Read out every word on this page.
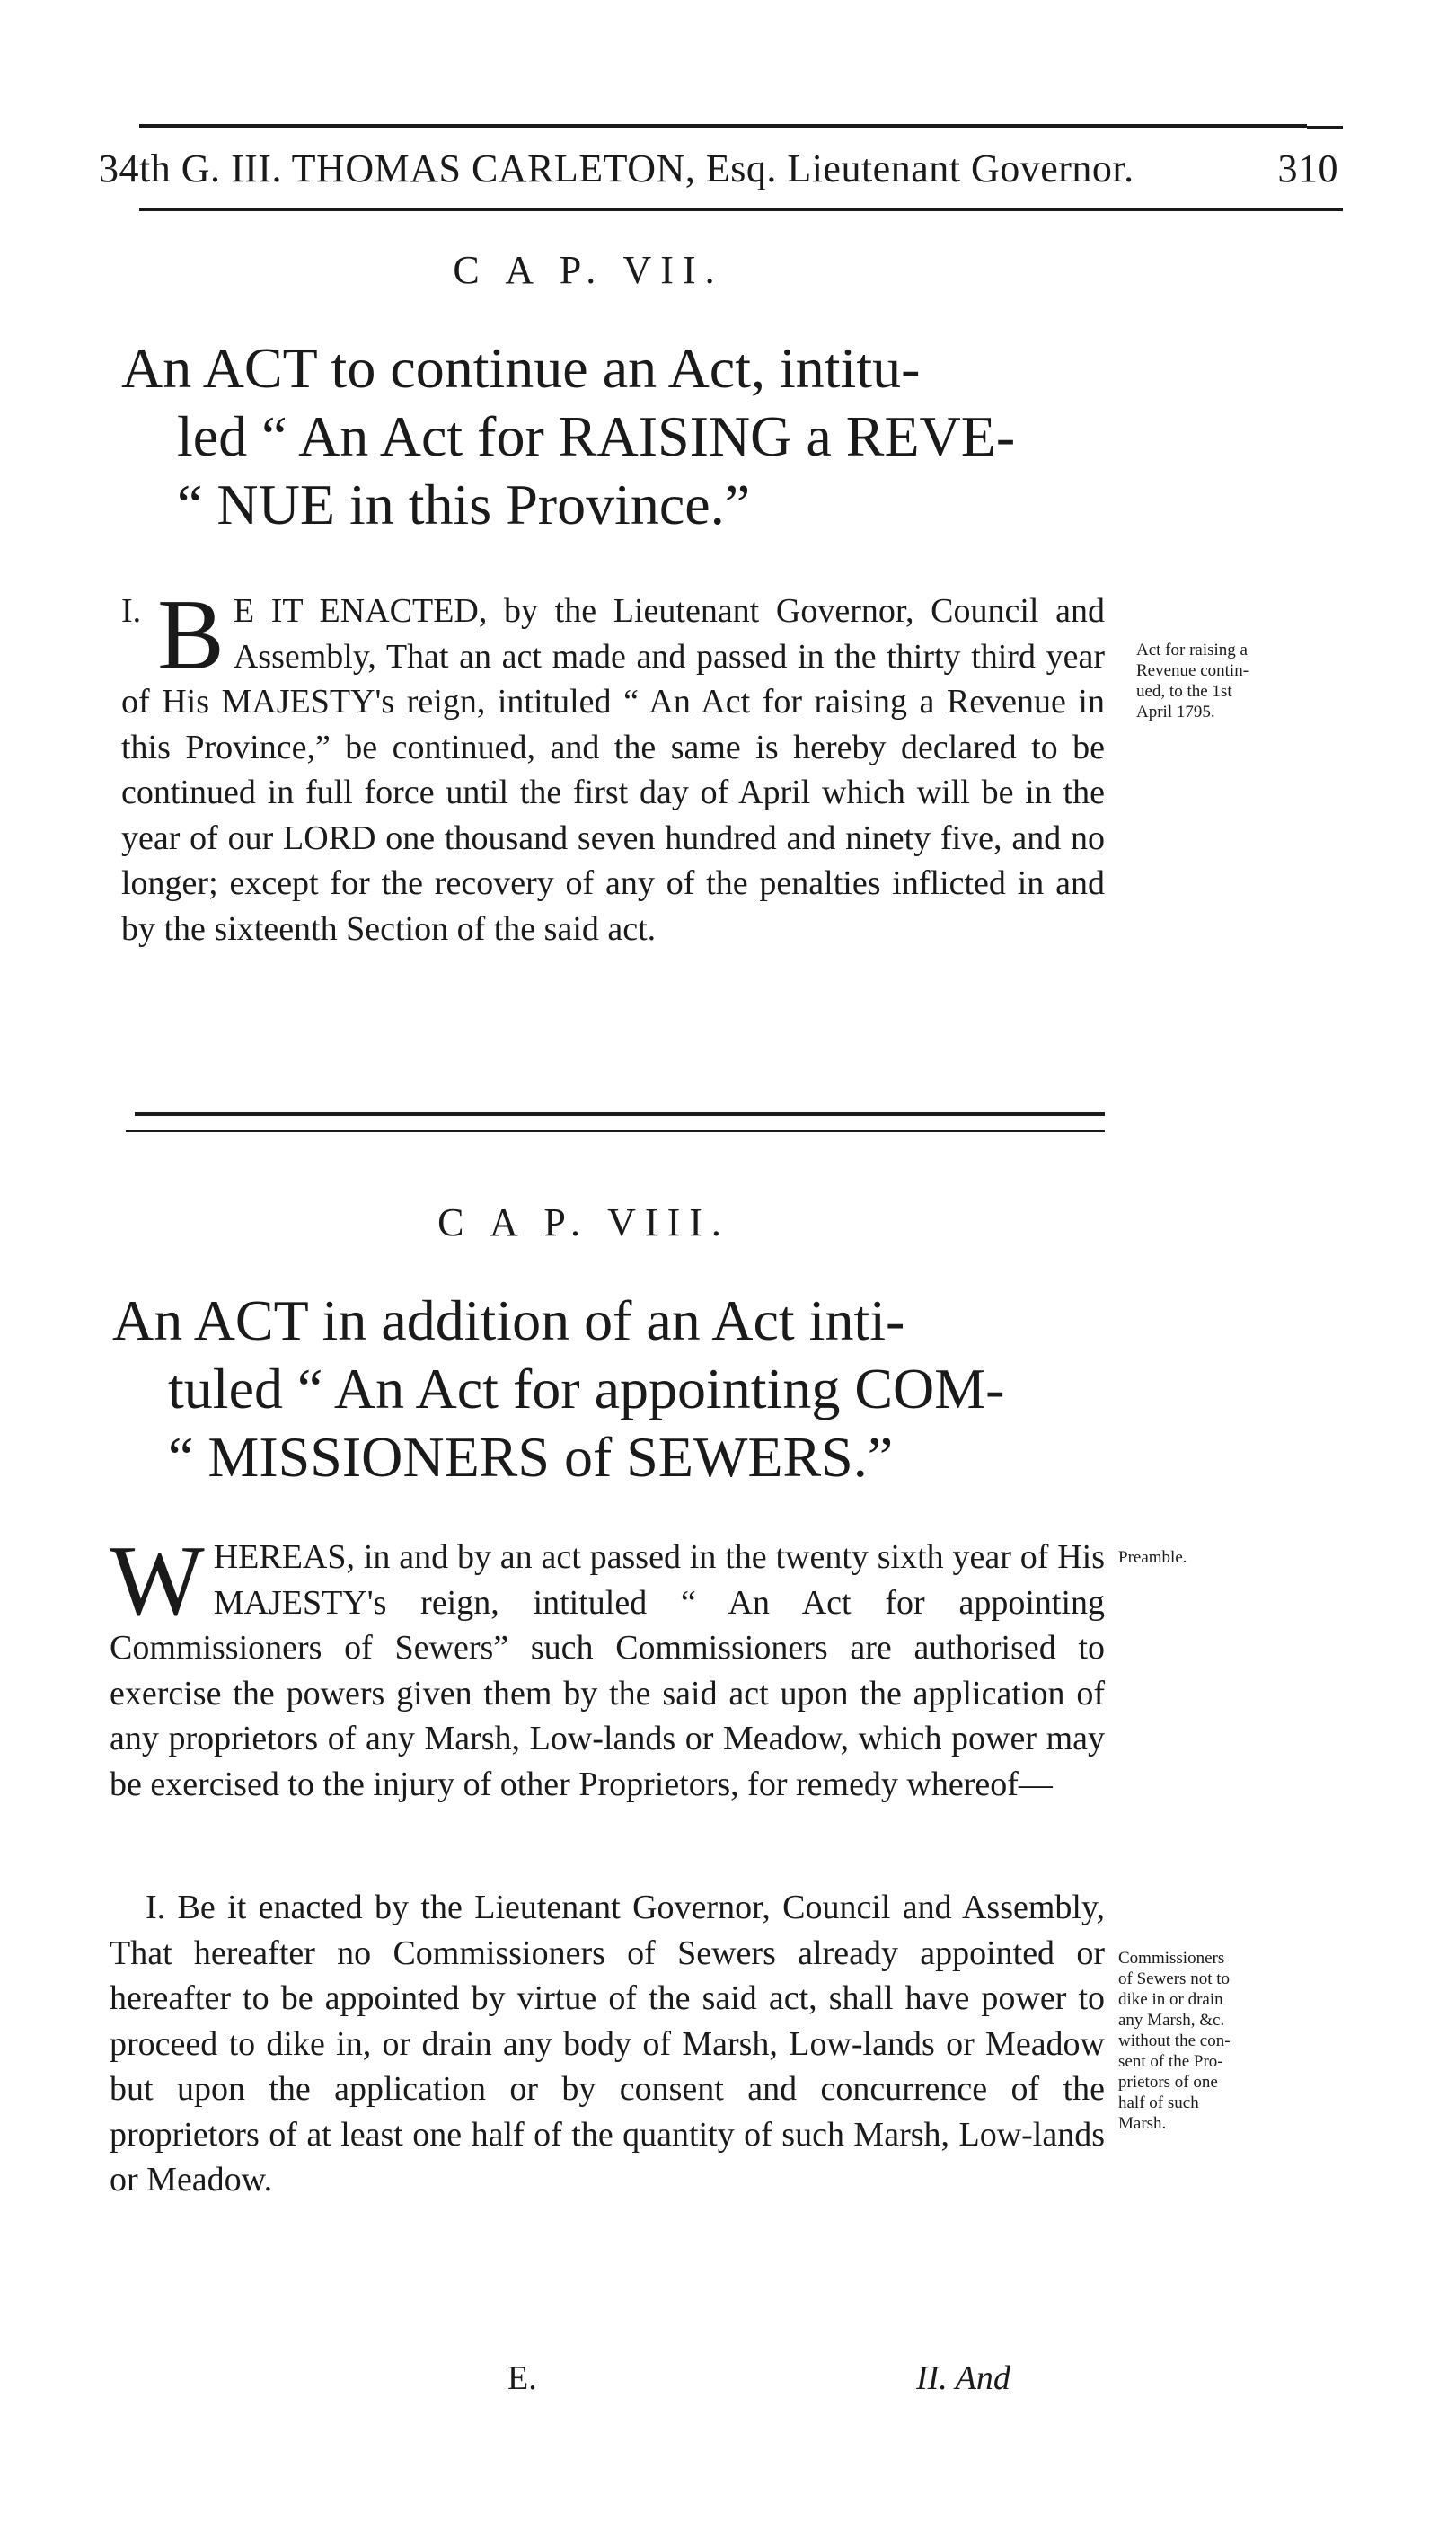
34th G. III. THOMAS CARLETON, Esq. Lieutenant Governor.	310
C A P. VII.
An ACT to continue an Act, intitu-
led “ An Act for RAISING a REVE-
“ NUE in this Province.”
I. B E IT ENACTED, by the Lieutenant Governor, Council and Assembly, That an act made and passed in the thirty third year of His MAJESTY's reign, intituled “ An Act for raising a Revenue in this Province,” be continued, and the same is hereby declared to be continued in full force until the first day of April which will be in the year of our LORD one thousand seven hundred and ninety five, and no longer; except for the recovery of any of the penalties inflicted in and by the sixteenth Section of the said act.
Act for raising a Revenue contin-
ued, to the 1st
April 1795.
C A P. VIII.
An ACT in addition of an Act inti-
tuled “ An Act for appointing COM-
“ MISSIONERS of SEWERS.”
W HEREAS, in and by an act passed in the twenty sixth year of His MAJESTY's reign, intituled “ An Act for appointing Commissioners of Sewers” such Commissioners are authorised to exercise the powers given them by the said act upon the application of any proprietors of any Marsh, Low-lands or Meadow, which power may be exercised to the injury of other Proprietors, for remedy whereof—
Preamble.
I. Be it enacted by the Lieutenant Governor, Council and Assembly, That hereafter no Commissioners of Sewers already appointed or hereafter to be appointed by virtue of the said act, shall have power to proceed to dike in, or drain any body of Marsh, Low-lands or Meadow but upon the application or by consent and concurrence of the proprietors of at least one half of the quantity of such Marsh, Low-lands or Meadow.
Commissioners
of Sewers not to
dike in or drain
any Marsh, &c.
without the con-
sent of the Pro-
prietors of one
half of such
Marsh.
E.	II. And
